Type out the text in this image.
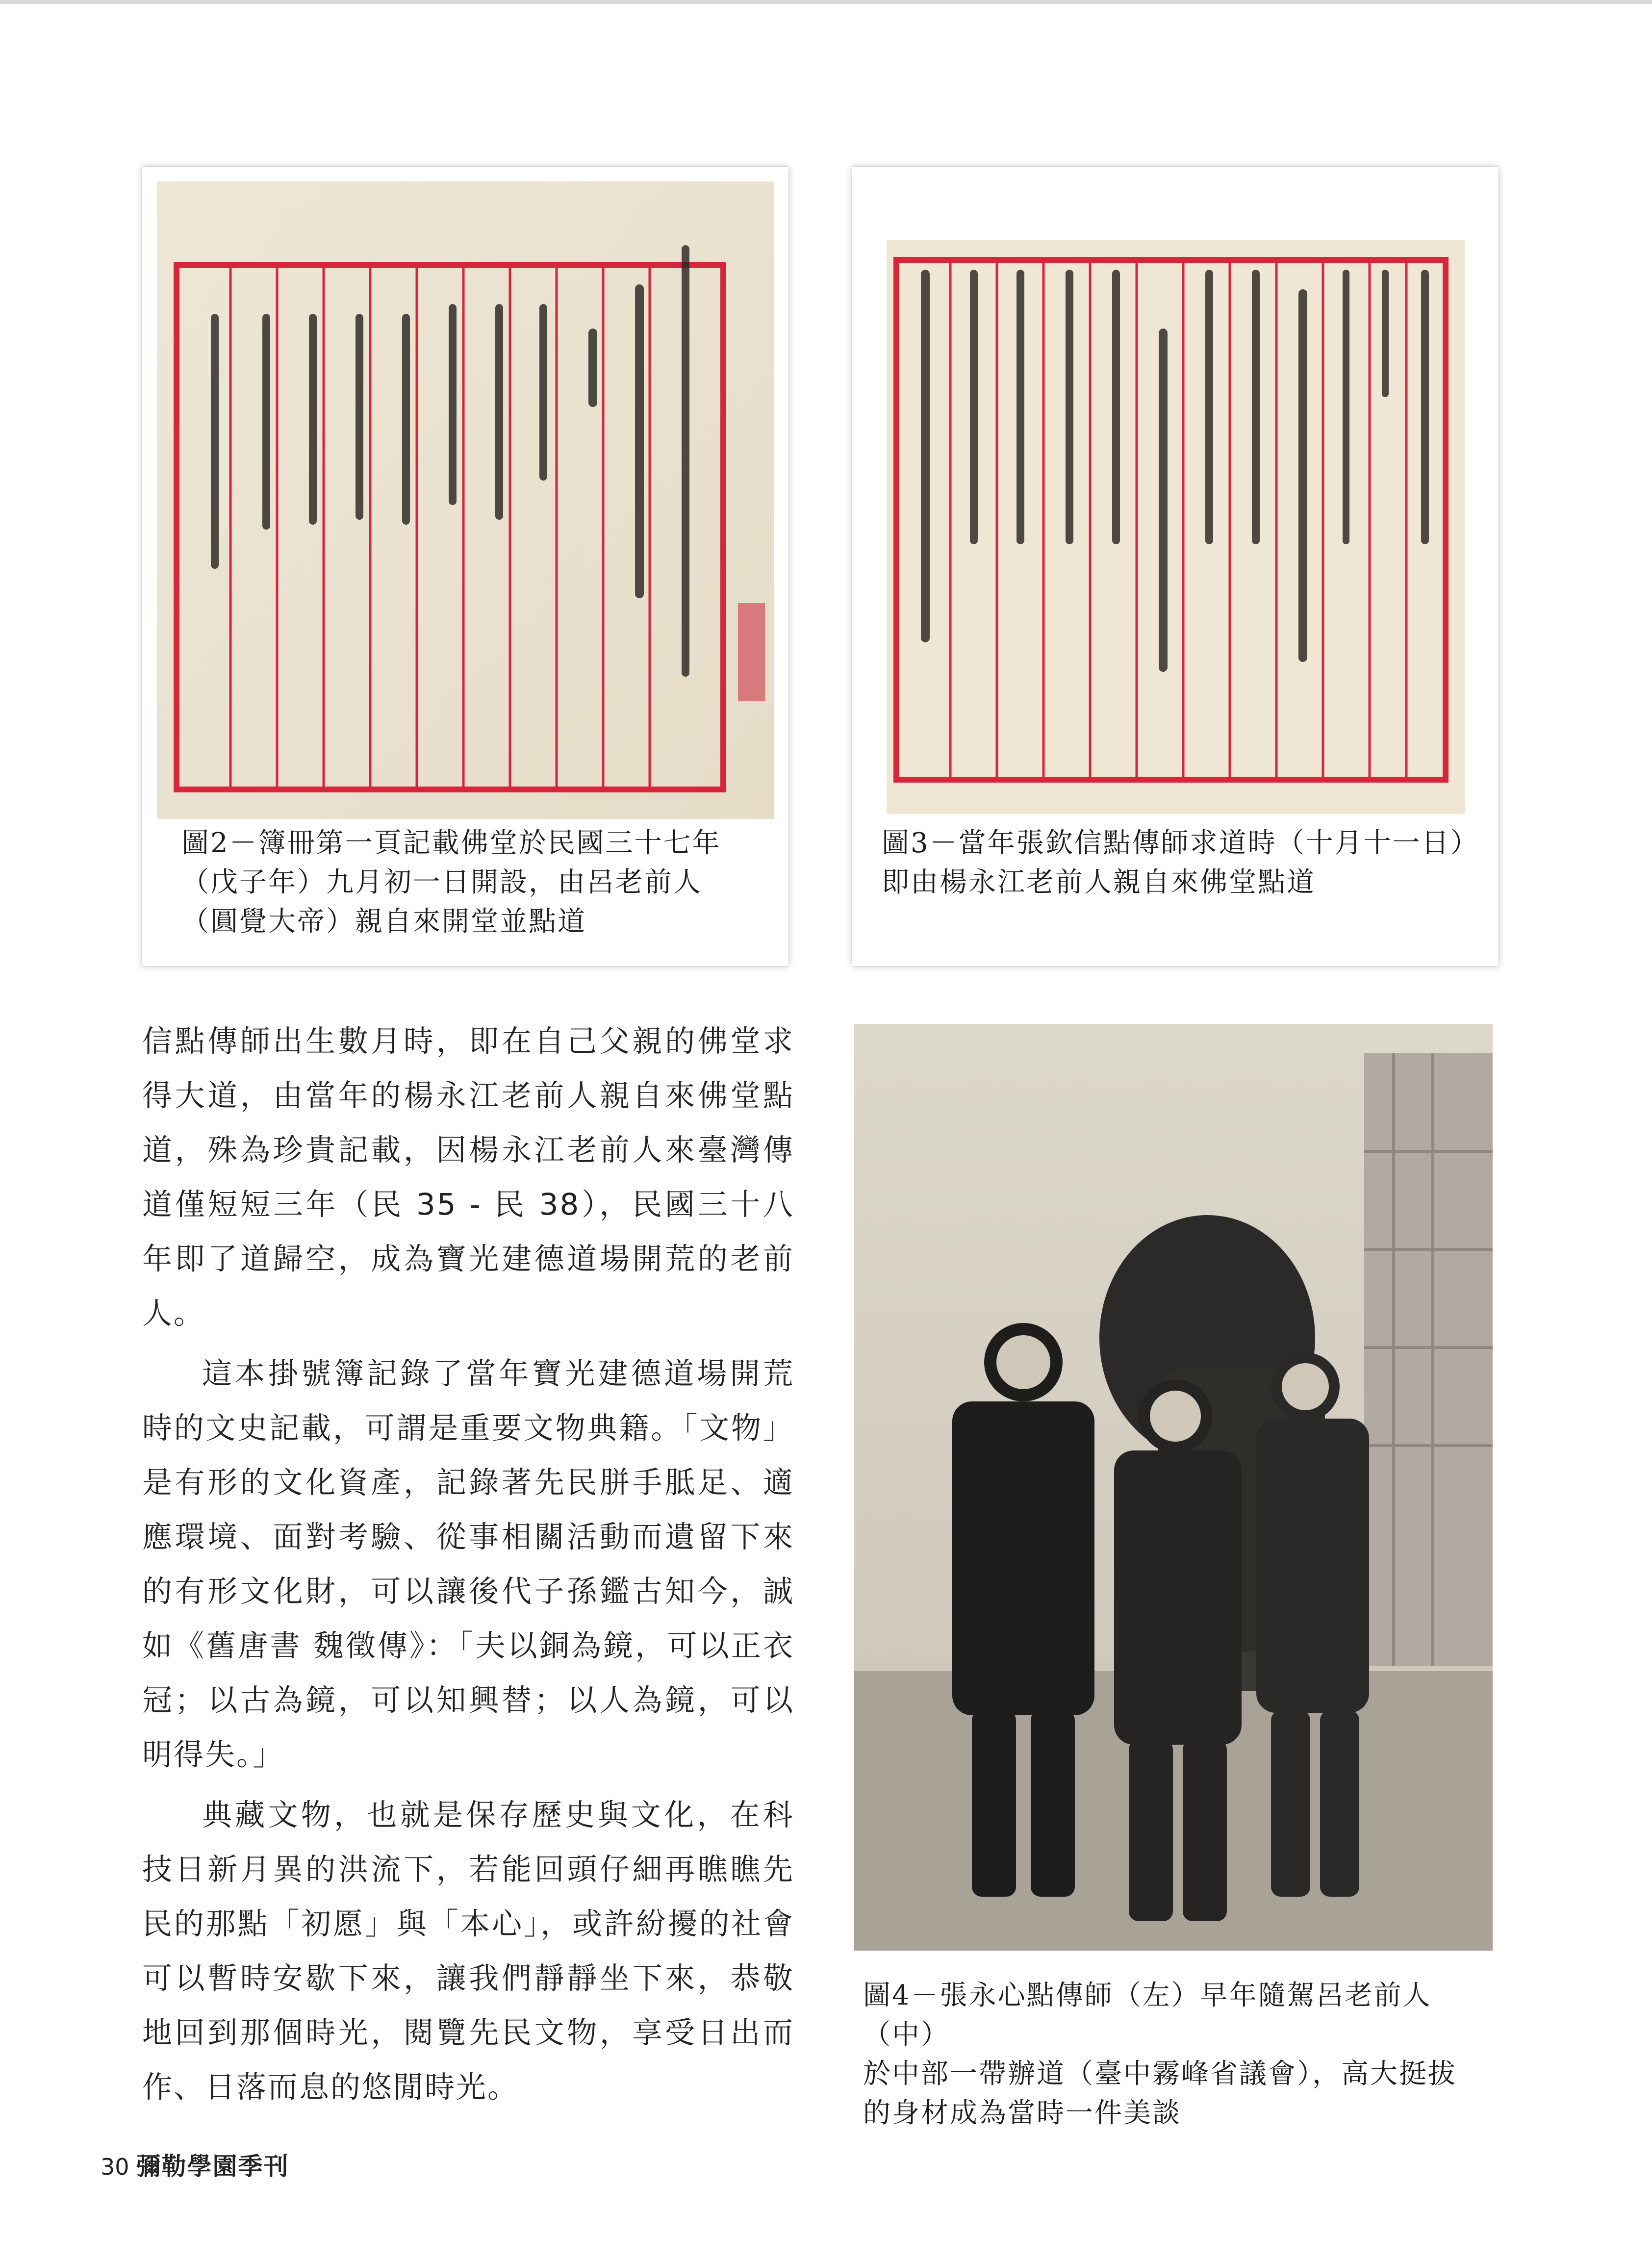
圖2－簿冊第一頁記載佛堂於民國三十七年
（戊子年）九月初一日開設，由呂老前人
（圓覺大帝）親自來開堂並點道
圖3－當年張欽信點傳師求道時（十月十一日）
即由楊永江老前人親自來佛堂點道

信點傳師出生數月時，即在自己父親的佛堂求得大道，由當年的楊永江老前人親自來佛堂點道，殊為珍貴記載，因楊永江老前人來臺灣傳道僅短短三年（民 35 - 民 38），民國三十八年即了道歸空，成為寶光建德道場開荒的老前人。

這本掛號簿記錄了當年寶光建德道場開荒時的文史記載，可謂是重要文物典籍。「文物」是有形的文化資產，記錄著先民胼手胝足、適應環境、面對考驗、從事相關活動而遺留下來的有形文化財，可以讓後代子孫鑑古知今，誠如《舊唐書 魏徵傳》：「夫以銅為鏡，可以正衣冠；以古為鏡，可以知興替；以人為鏡，可以明得失。」

典藏文物，也就是保存歷史與文化，在科技日新月異的洪流下，若能回頭仔細再瞧瞧先民的那點「初愿」與「本心」，或許紛擾的社會可以暫時安歇下來，讓我們靜靜坐下來，恭敬地回到那個時光，閱覽先民文物，享受日出而作、日落而息的悠閒時光。

圖4－張永心點傳師（左）早年隨駕呂老前人（中）
於中部一帶辦道（臺中霧峰省議會），高大挺拔
的身材成為當時一件美談
30 彌勒學園季刊
